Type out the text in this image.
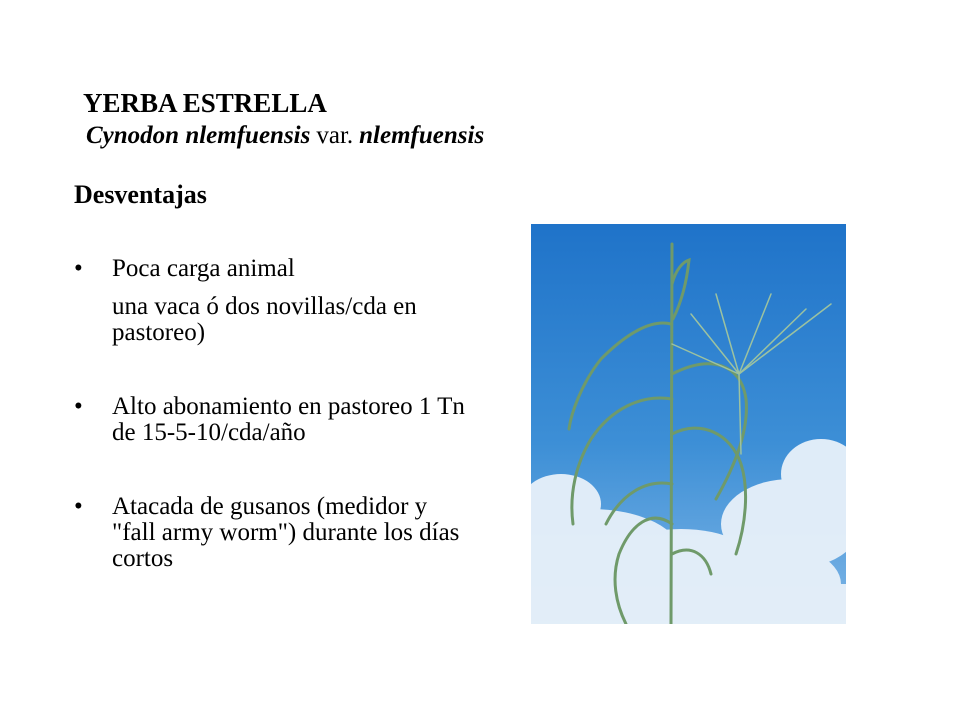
YERBA ESTRELLA
Cynodon nlemfuensis var. nlemfuensis
Desventajas
• Poca carga animal
una vaca ó dos novillas/cda en pastoreo)
• Alto abonamiento en pastoreo 1 Tn de 15-5-10/cda/año
• Atacada de gusanos (medidor y "fall army worm") durante los días cortos
